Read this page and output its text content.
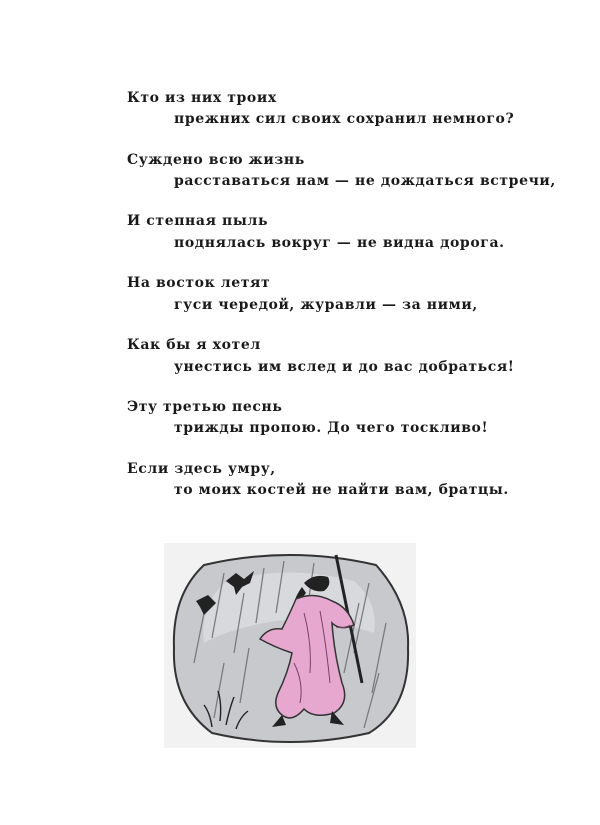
Кто из них троих
прежних сил своих сохранил немного?
Суждено всю жизнь
расставаться нам — не дождаться встречи,
И степная пыль
поднялась вокруг — не видна дорога.
На восток летят
гуси чередой, журавли — за ними,
Как бы я хотел
унестись им вслед и до вас добраться!
Эту третью песнь
трижды пропою. До чего тоскливо!
Если здесь умру,
то моих костей не найти вам, братцы.
